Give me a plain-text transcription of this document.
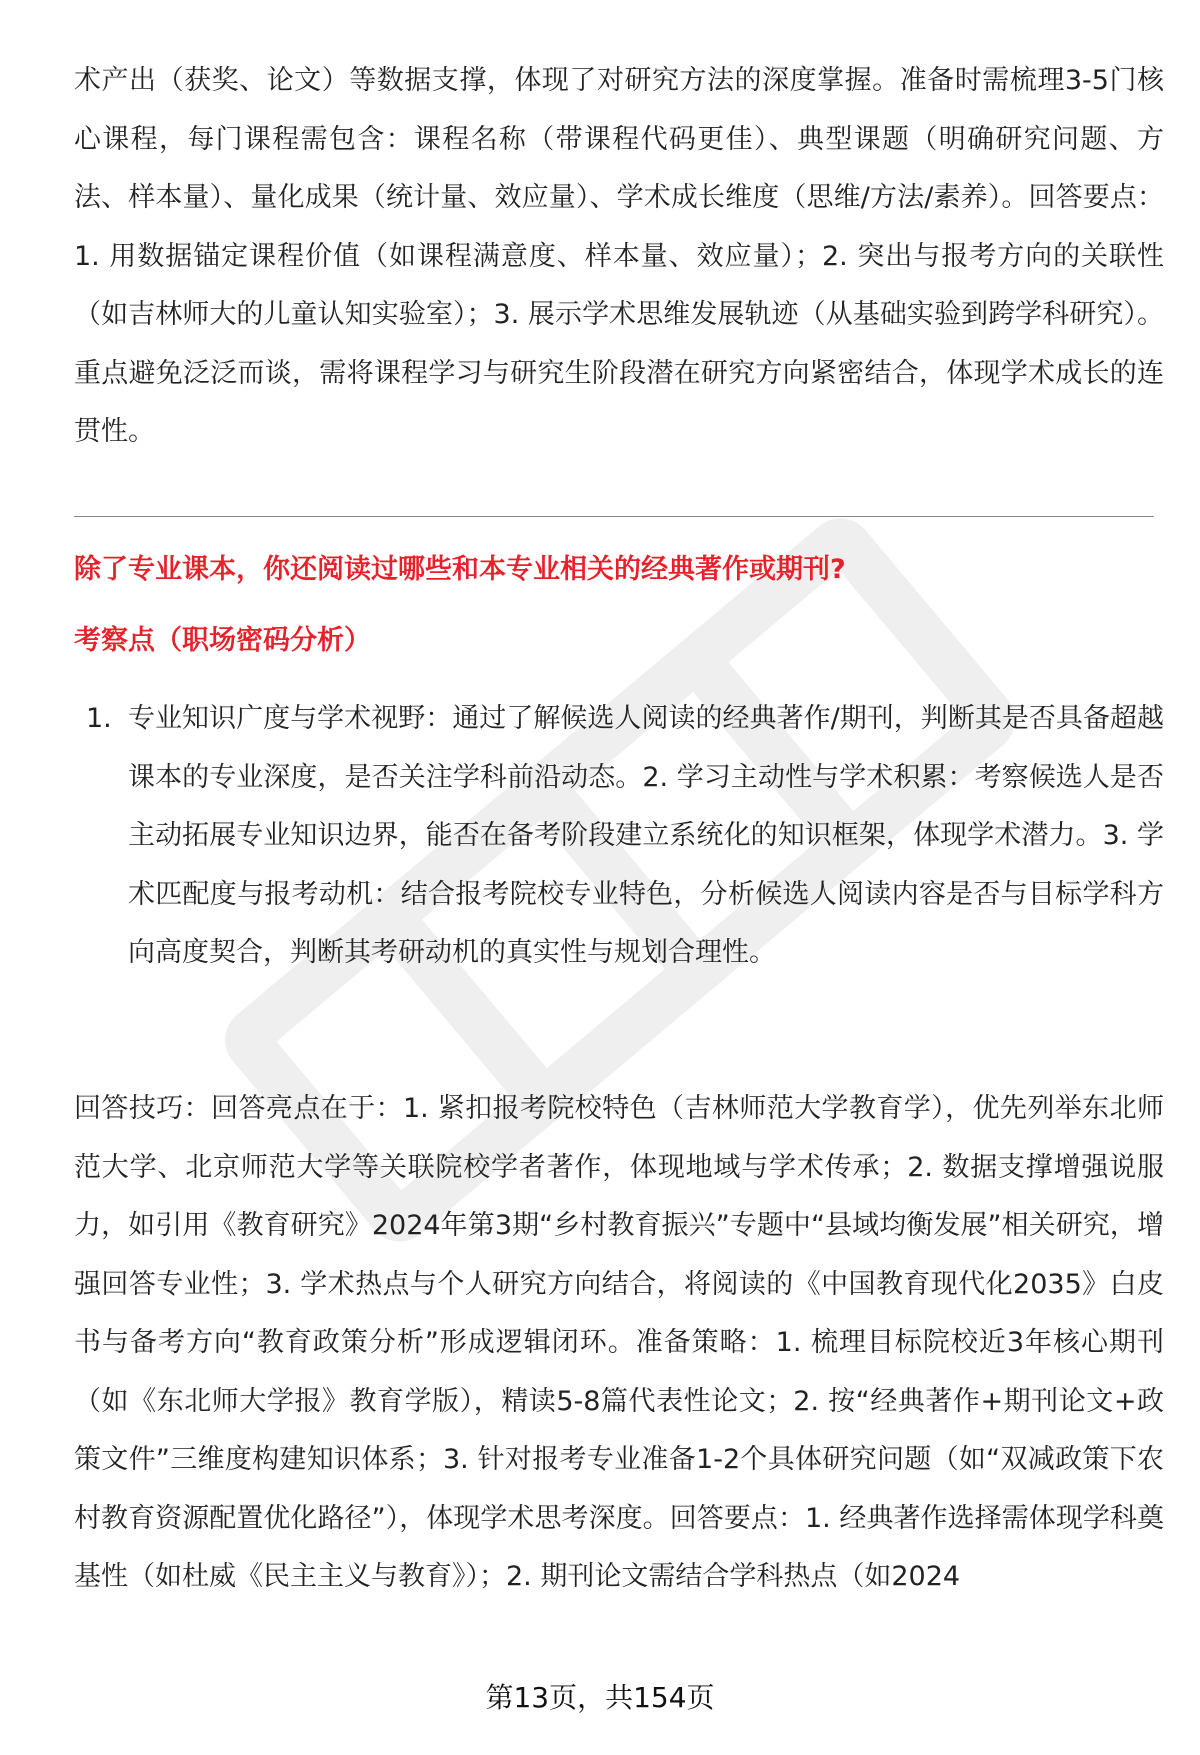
术产出（获奖、论文）等数据支撑，体现了对研究方法的深度掌握。准备时需梳理3-5门核心课程，每门课程需包含：课程名称（带课程代码更佳）、典型课题（明确研究问题、方法、样本量）、量化成果（统计量、效应量）、学术成长维度（思维/方法/素养）。回答要点：1. 用数据锚定课程价值（如课程满意度、样本量、效应量）；2. 突出与报考方向的关联性（如吉林师大的儿童认知实验室）；3. 展示学术思维发展轨迹（从基础实验到跨学科研究）。重点避免泛泛而谈，需将课程学习与研究生阶段潜在研究方向紧密结合，体现学术成长的连贯性。

除了专业课本，你还阅读过哪些和本专业相关的经典著作或期刊?
考察点（职场密码分析）
1. 专业知识广度与学术视野：通过了解候选人阅读的经典著作/期刊，判断其是否具备超越课本的专业深度，是否关注学科前沿动态。2. 学习主动性与学术积累：考察候选人是否主动拓展专业知识边界，能否在备考阶段建立系统化的知识框架，体现学术潜力。3. 学术匹配度与报考动机：结合报考院校专业特色，分析候选人阅读内容是否与目标学科方向高度契合，判断其考研动机的真实性与规划合理性。

回答技巧：回答亮点在于：1. 紧扣报考院校特色（吉林师范大学教育学），优先列举东北师范大学、北京师范大学等关联院校学者著作，体现地域与学术传承；2. 数据支撑增强说服力，如引用《教育研究》2024年第3期“乡村教育振兴”专题中“县域均衡发展”相关研究，增强回答专业性；3. 学术热点与个人研究方向结合，将阅读的《中国教育现代化2035》白皮书与备考方向“教育政策分析”形成逻辑闭环。准备策略：1. 梳理目标院校近3年核心期刊（如《东北师大学报》教育学版），精读5-8篇代表性论文；2. 按“经典著作+期刊论文+政策文件”三维度构建知识体系；3. 针对报考专业准备1-2个具体研究问题（如“双减政策下农村教育资源配置优化路径”），体现学术思考深度。回答要点：1. 经典著作选择需体现学科奠基性（如杜威《民主主义与教育》）；2. 期刊论文需结合学科热点（如2024

第13页，共154页
